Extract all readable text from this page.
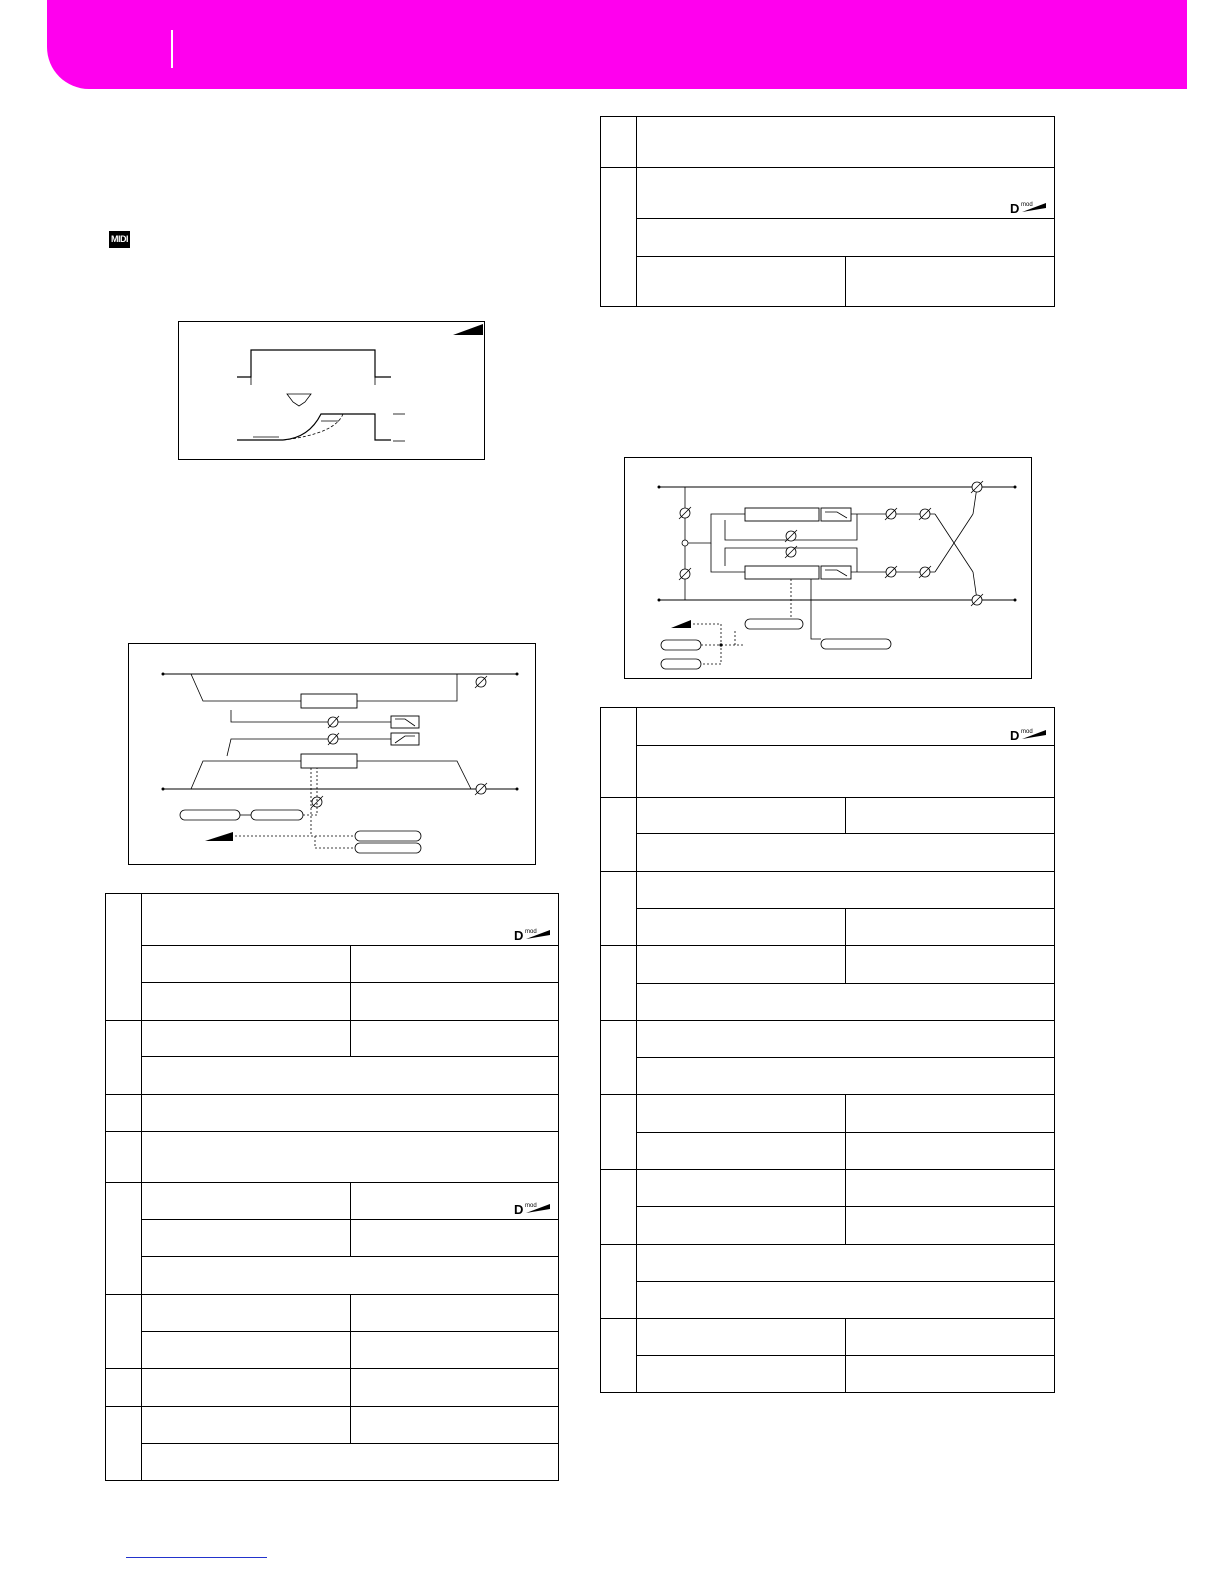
MIDI

D mod	

D mod

D mod	

D mod	
